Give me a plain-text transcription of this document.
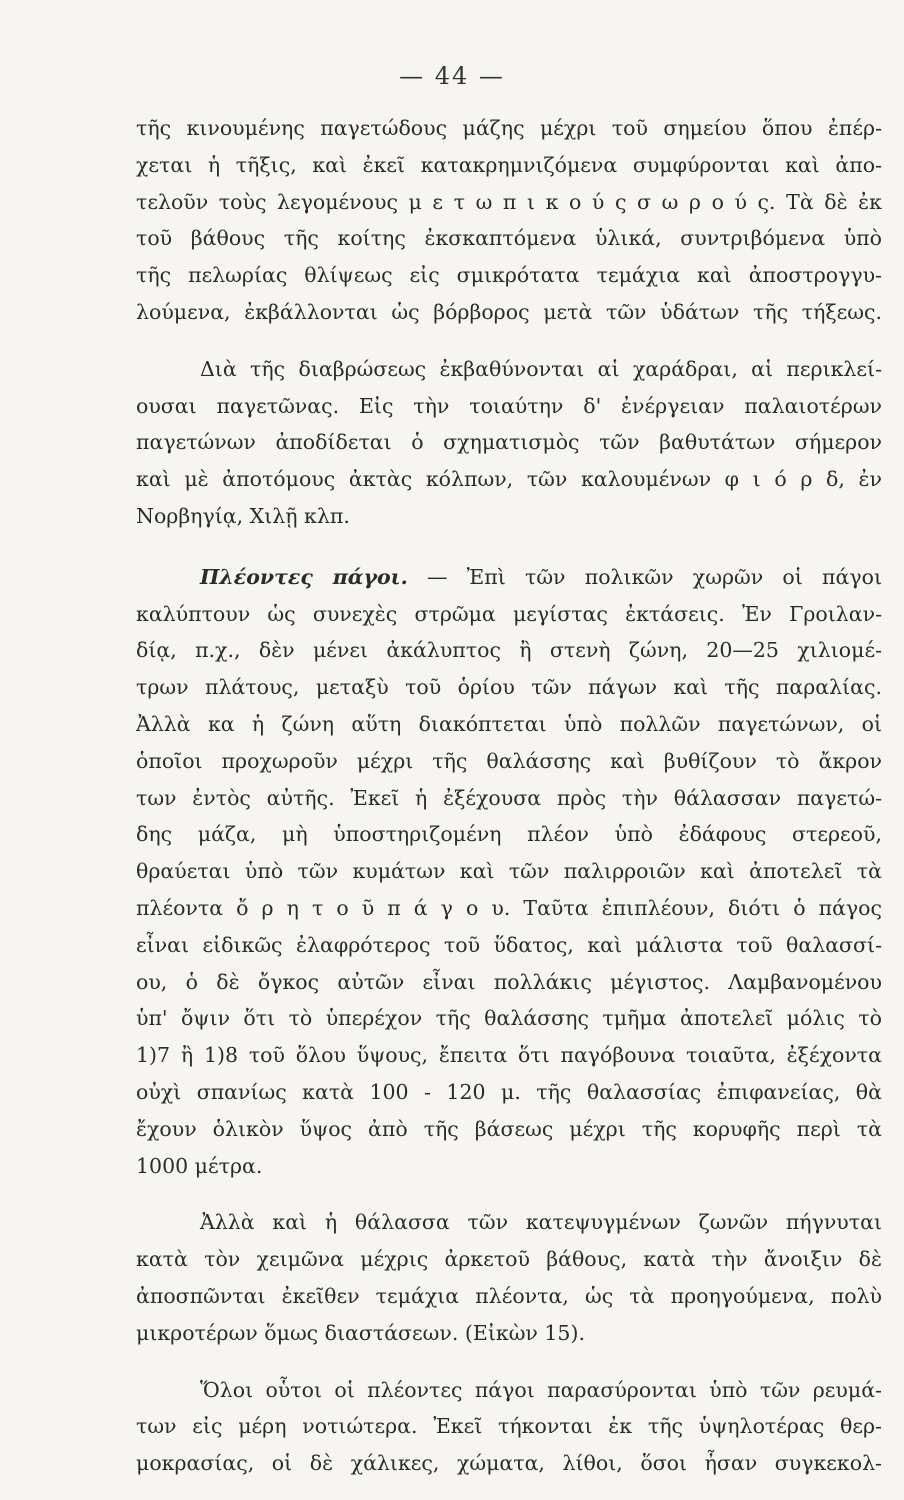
— 44 —
τῆς κινουμένης παγετώδους μάζης μέχρι τοῦ σημείου ὅπου ἐπέρ-
χεται ἡ τῆξις, καὶ ἐκεῖ κατακρημνιζόμενα συμφύρονται καὶ ἀπο-
τελοῦν τοὺς λεγομένους μ ε τ ω π ι κ ο ύ ς σ ω ρ ο ύ ς. Τὰ δὲ ἐκ
τοῦ βάθους τῆς κοίτης ἐκσκαπτόμενα ὑλικά, συντριβόμενα ὑπὸ
τῆς πελωρίας θλίψεως εἰς σμικρότατα τεμάχια καὶ ἀποστρογγυ-
λούμενα, ἐκβάλλονται ὡς βόρβορος μετὰ τῶν ὑδάτων τῆς τήξεως.
Διὰ τῆς διαβρώσεως ἐκβαθύνονται αἱ χαράδραι, αἱ περικλεί-
ουσαι παγετῶνας. Εἰς τὴν τοιαύτην δ' ἐνέργειαν παλαιοτέρων
παγετώνων ἀποδίδεται ὁ σχηματισμὸς τῶν βαθυτάτων σήμερον
καὶ μὲ ἀποτόμους ἀκτὰς κόλπων, τῶν καλουμένων φ ι ό ρ δ, ἐν
Νορβηγίᾳ, Χιλῇ κλπ.
Πλέοντες πάγοι. — Ἐπὶ τῶν πολικῶν χωρῶν οἱ πάγοι
καλύπτουν ὡς συνεχὲς στρῶμα μεγίστας ἐκτάσεις. Ἐν Γροιλαν-
δίᾳ, π.χ., δὲν μένει ἀκάλυπτος ἢ στενὴ ζώνη, 20—25 χιλιομέ-
τρων πλάτους, μεταξὺ τοῦ ὁρίου τῶν πάγων καὶ τῆς παραλίας.
Ἀλλὰ κα ἡ ζώνη αὕτη διακόπτεται ὑπὸ πολλῶν παγετώνων, οἱ
ὁποῖοι προχωροῦν μέχρι τῆς θαλάσσης καὶ βυθίζουν τὸ ἄκρον
των ἐντὸς αὐτῆς. Ἐκεῖ ἡ ἐξέχουσα πρὸς τὴν θάλασσαν παγετώ-
δης μάζα, μὴ ὑποστηριζομένη πλέον ὑπὸ ἐδάφους στερεοῦ,
θραύεται ὑπὸ τῶν κυμάτων καὶ τῶν παλιρροιῶν καὶ ἀποτελεῖ τὰ
πλέοντα ὄ ρ η τ ο ῦ π ά γ ο υ. Ταῦτα ἐπιπλέουν, διότι ὁ πάγος
εἶναι εἰδικῶς ἐλαφρότερος τοῦ ὕδατος, καὶ μάλιστα τοῦ θαλασσί-
ου, ὁ δὲ ὄγκος αὐτῶν εἶναι πολλάκις μέγιστος. Λαμβανομένου
ὑπ' ὄψιν ὅτι τὸ ὑπερέχον τῆς θαλάσσης τμῆμα ἀποτελεῖ μόλις τὸ
1)7 ἢ 1)8 τοῦ ὅλου ὕψους, ἔπειτα ὅτι παγόβουνα τοιαῦτα, ἐξέχοντα
οὐχὶ σπανίως κατὰ 100 - 120 μ. τῆς θαλασσίας ἐπιφανείας, θὰ
ἔχουν ὁλικὸν ὕψος ἀπὸ τῆς βάσεως μέχρι τῆς κορυφῆς περὶ τὰ
1000 μέτρα.
Ἀλλὰ καὶ ἡ θάλασσα τῶν κατεψυγμένων ζωνῶν πήγνυται
κατὰ τὸν χειμῶνα μέχρις ἀρκετοῦ βάθους, κατὰ τὴν ἄνοιξιν δὲ
ἀποσπῶνται ἐκεῖθεν τεμάχια πλέοντα, ὡς τὰ προηγούμενα, πολὺ
μικροτέρων ὅμως διαστάσεων. (Εἰκὼν 15).
Ὅλοι οὗτοι οἱ πλέοντες πάγοι παρασύρονται ὑπὸ τῶν ρευμά-
των εἰς μέρη νοτιώτερα. Ἐκεῖ τήκονται ἐκ τῆς ὑψηλοτέρας θερ-
μοκρασίας, οἱ δὲ χάλικες, χώματα, λίθοι, ὅσοι ἦσαν συγκεκολ-
